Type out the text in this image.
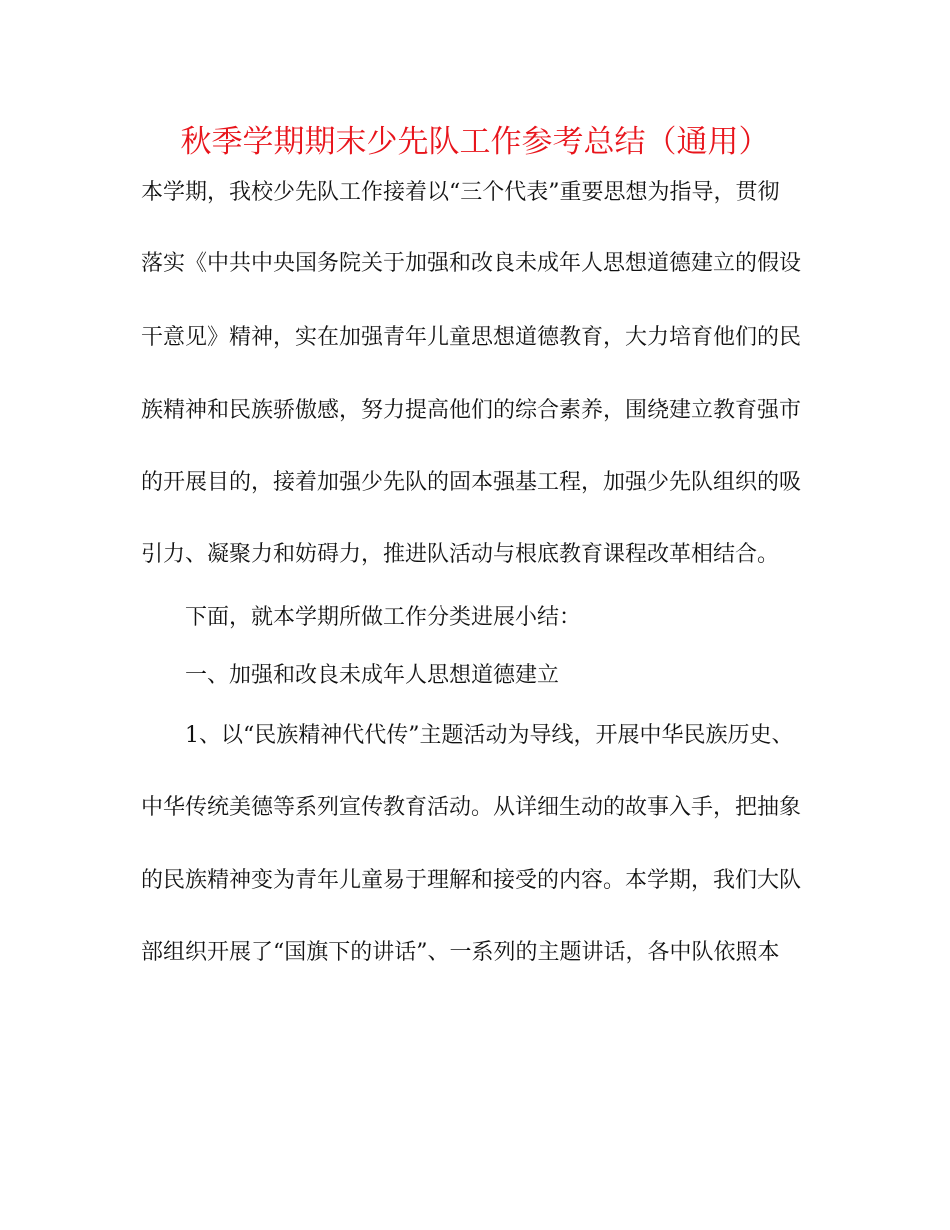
秋季学期期末少先队工作参考总结（通用）
本学期，我校少先队工作接着以“三个代表”重要思想为指导，贯彻
落实《中共中央国务院关于加强和改良未成年人思想道德建立的假设
干意见》精神，实在加强青年儿童思想道德教育，大力培育他们的民
族精神和民族骄傲感，努力提高他们的综合素养，围绕建立教育强市
的开展目的，接着加强少先队的固本强基工程，加强少先队组织的吸
引力、凝聚力和妨碍力，推进队活动与根底教育课程改革相结合。
下面，就本学期所做工作分类进展小结：
一、加强和改良未成年人思想道德建立
1、以“民族精神代代传”主题活动为导线，开展中华民族历史、
中华传统美德等系列宣传教育活动。从详细生动的故事入手，把抽象
的民族精神变为青年儿童易于理解和接受的内容。本学期，我们大队
部组织开展了“国旗下的讲话”、一系列的主题讲话，各中队依照本
